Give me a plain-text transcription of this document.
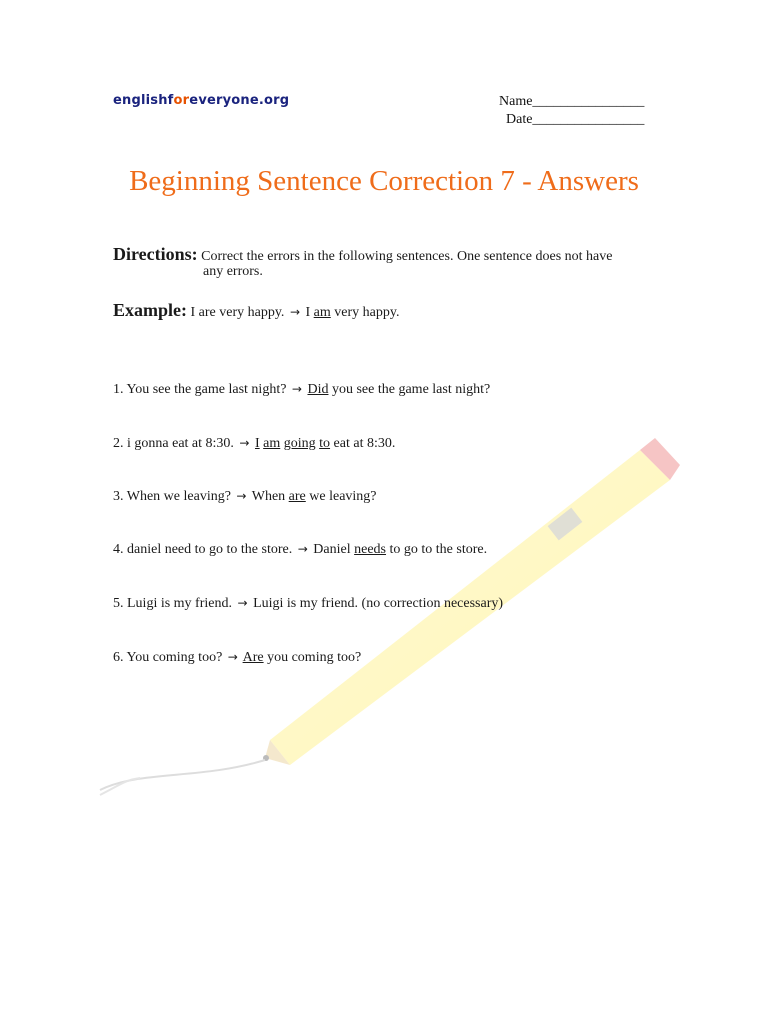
englishforeveryone.org	Name________________
Date________________
Beginning Sentence Correction 7 - Answers
Directions: Correct the errors in the following sentences. One sentence does not have
any errors.
Example: I are very happy. → I am very happy.
1. You see the game last night? → Did you see the game last night?
2. i gonna eat at 8:30. → I am going to eat at 8:30.
3. When we leaving? → When are we leaving?
4. daniel need to go to the store. → Daniel needs to go to the store.
5. Luigi is my friend. → Luigi is my friend. (no correction necessary)
6. You coming too? → Are you coming too?
